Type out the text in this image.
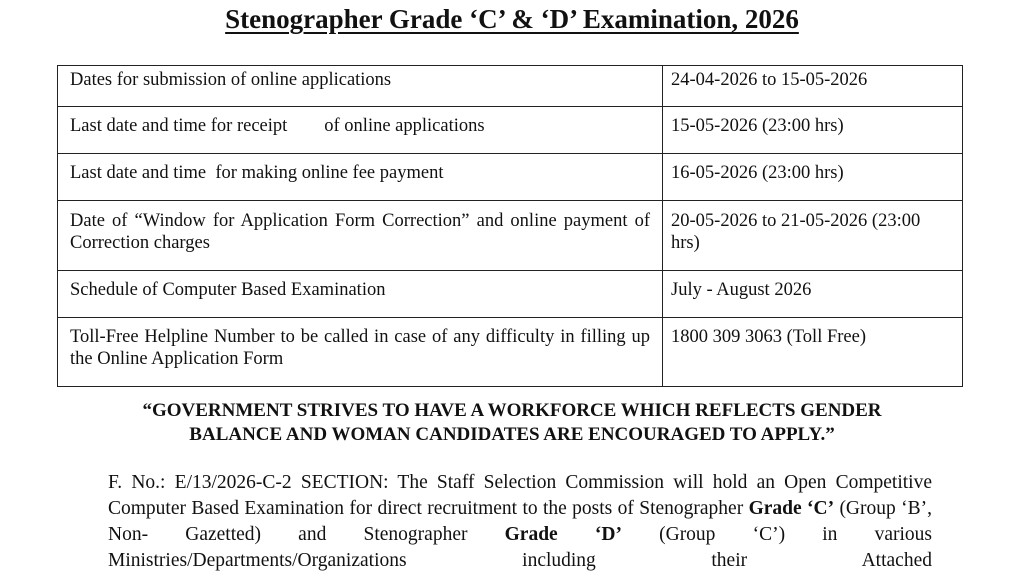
Stenographer Grade ‘C’ & ‘D’ Examination, 2026
Dates for submission of online applications	24-04-2026 to 15-05-2026
Last date and time for receipt        of online applications	15-05-2026 (23:00 hrs)
Last date and time  for making online fee payment	16-05-2026 (23:00 hrs)
Date of “Window for Application Form Correction” and online payment of Correction charges	20-05-2026 to 21-05-2026 (23:00 hrs)
Schedule of Computer Based Examination	July - August 2026
Toll-Free Helpline Number to be called in case of any difficulty in filling up the Online Application Form	1800 309 3063 (Toll Free)
“GOVERNMENT STRIVES TO HAVE A WORKFORCE WHICH REFLECTS GENDER
BALANCE AND WOMAN CANDIDATES ARE ENCOURAGED TO APPLY.”
F. No.: E/13/2026-C-2 SECTION: The Staff Selection Commission will hold an Open Competitive Computer Based Examination for direct recruitment to the posts of Stenographer Grade ‘C’ (Group ‘B’, Non- Gazetted) and Stenographer Grade ‘D’ (Group ‘C’) in various Ministries/Departments/Organizations including their Attached
